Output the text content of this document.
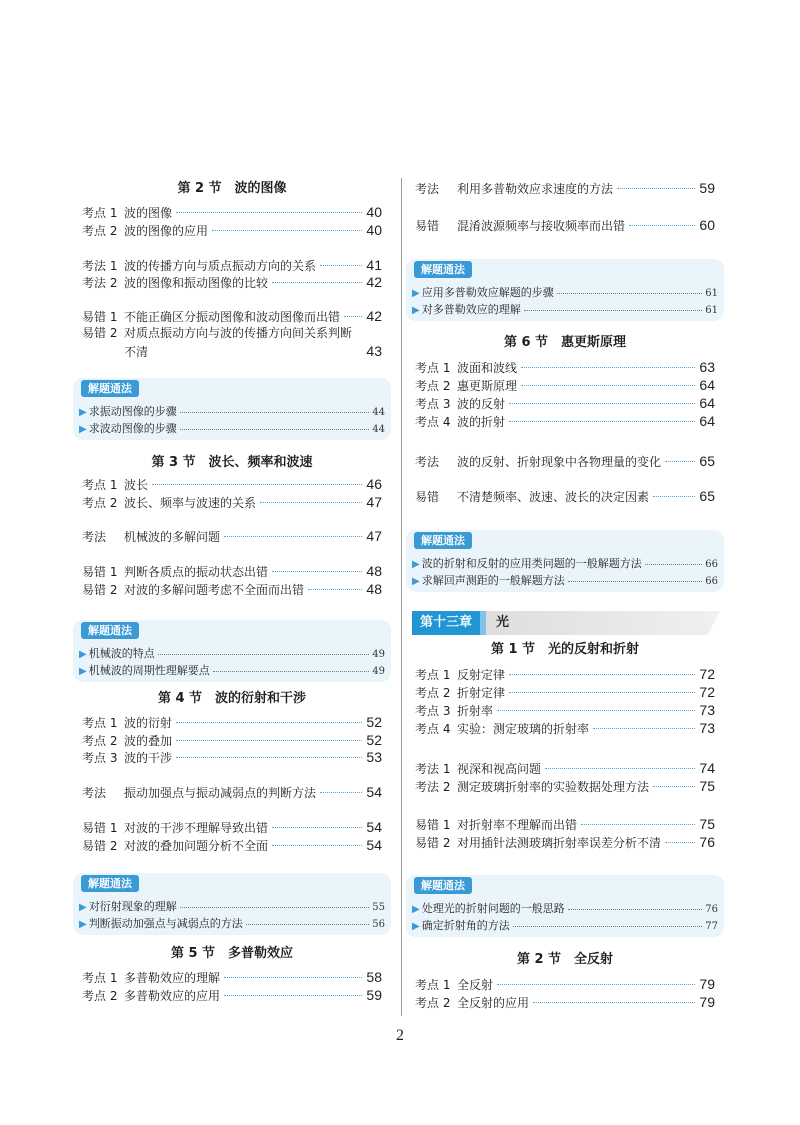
第 2 节　波的图像
考点 1 波的图像	40
考点 2 波的图像的应用	40
考法 1 波的传播方向与质点振动方向的关系	41
考法 2 波的图像和振动图像的比较	42
易错 1 不能正确区分振动图像和波动图像而出错 42
易错 2 对质点振动方向与波的传播方向间关系判断
不清	43
解题通法
▶ 求振动图像的步骤	44
▶ 求波动图像的步骤	44
第 3 节　波长、频率和波速
考点 1 波长	46
考点 2 波长、频率与波速的关系	47
考法	机械波的多解问题	47
易错 1 判断各质点的振动状态出错	48
易错 2 对波的多解问题考虑不全面而出错	48
解题通法
▶ 机械波的特点	49
▶ 机械波的周期性理解要点	49
第 4 节　波的衍射和干涉
考点 1 波的衍射	52
考点 2 波的叠加	52
考点 3 波的干涉	53
考法	振动加强点与振动减弱点的判断方法	54
易错 1 对波的干涉不理解导致出错	54
易错 2 对波的叠加问题分析不全面	54
解题通法
▶ 对衍射现象的理解	55
▶ 判断振动加强点与减弱点的方法	56
第 5 节　多普勒效应
考点 1 多普勒效应的理解	58
考点 2 多普勒效应的应用	59
考法	利用多普勒效应求速度的方法	59
易错	混淆波源频率与接收频率而出错	60
解题通法
▶ 应用多普勒效应解题的步骤	61
▶ 对多普勒效应的理解	61
第 6 节　惠更斯原理
考点 1 波面和波线	63
考点 2 惠更斯原理	64
考点 3 波的反射	64
考点 4 波的折射	64
考法	波的反射、折射现象中各物理量的变化	65
易错	不清楚频率、波速、波长的决定因素	65
解题通法
▶ 波的折射和反射的应用类问题的一般解题方法	66
▶ 求解回声测距的一般解题方法	66
第十三章	光
第 1 节　光的反射和折射
考点 1 反射定律	72
考点 2 折射定律	72
考点 3 折射率	73
考点 4 实验：测定玻璃的折射率	73
考法 1 视深和视高问题	74
考法 2 测定玻璃折射率的实验数据处理方法	75
易错 1 对折射率不理解而出错	75
易错 2 对用插针法测玻璃折射率误差分析不清	76
解题通法
▶ 处理光的折射问题的一般思路	76
▶ 确定折射角的方法	77
第 2 节　全反射
考点 1 全反射	79
考点 2 全反射的应用	79
2
